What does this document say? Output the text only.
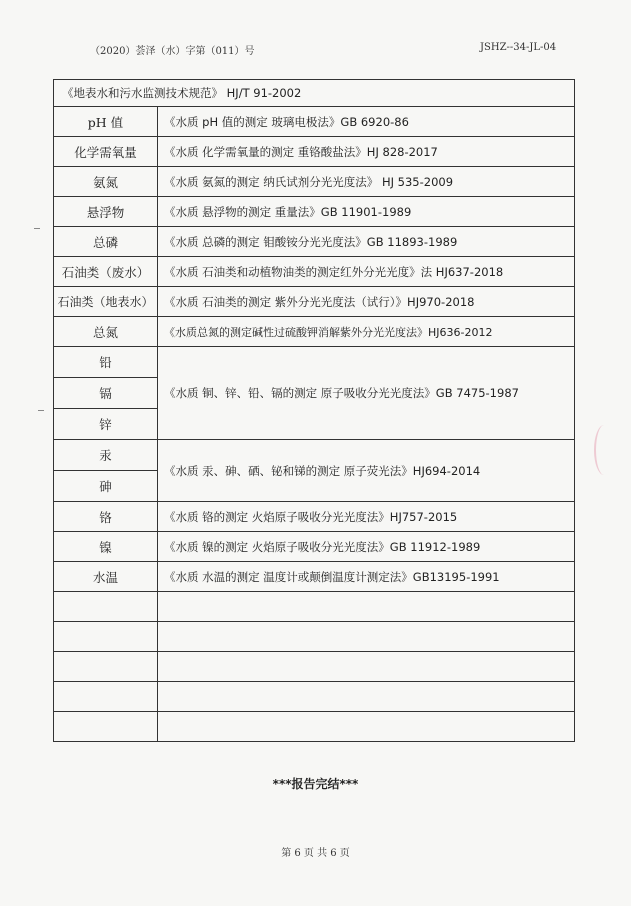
（2020）荟泽（水）字第（011）号	JSHZ--34-JL-04
《地表水和污水监测技术规范》 HJ/T 91-2002	
pH 值	《水质 pH 值的测定 玻璃电极法》GB 6920-86
化学需氧量	《水质 化学需氧量的测定 重铬酸盐法》HJ 828-2017
氨氮	《水质 氨氮的测定 纳氏试剂分光光度法》 HJ 535-2009
悬浮物	《水质 悬浮物的测定 重量法》GB 11901-1989
总磷	《水质 总磷的测定 钼酸铵分光光度法》GB 11893-1989
石油类（废水）	《水质 石油类和动植物油类的测定红外分光光度》法 HJ637-2018
石油类（地表水）	《水质 石油类的测定 紫外分光光度法（试行）》HJ970-2018
总氮	《水质总氮的测定碱性过硫酸钾消解紫外分光光度法》HJ636-2012
铅	《水质 铜、锌、铅、镉的测定 原子吸收分光光度法》GB 7475-1987
镉	
锌	
汞	《水质 汞、砷、硒、铋和锑的测定 原子荧光法》HJ694-2014
砷	
铬	《水质 铬的测定 火焰原子吸收分光光度法》HJ757-2015
镍	《水质 镍的测定 火焰原子吸收分光光度法》GB 11912-1989
水温	《水质 水温的测定 温度计或颠倒温度计测定法》GB13195-1991

***报告完结***
第 6 页 共 6 页
